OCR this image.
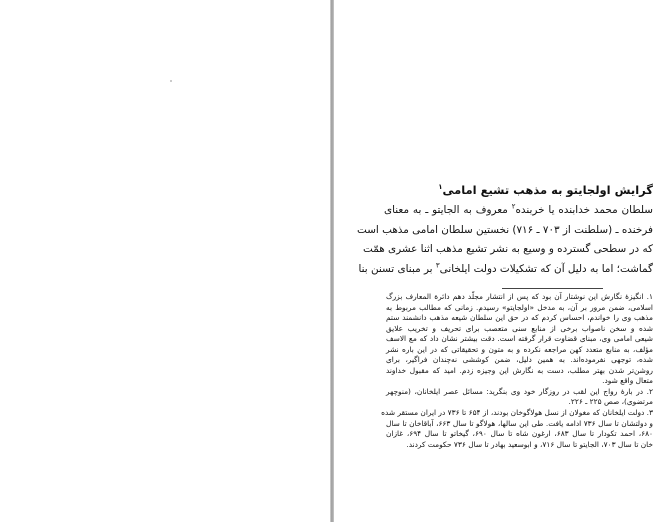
گرایش اولجایتو به مذهب تشیع امامی$^۱$
سلطان محمد خدابنده یا خربنده$^۲$ معروف به الجایتو ـ به معنای
فرخنده ـ (سلطنت از ۷۰۳ ـ ۷۱۶) نخستین سلطان امامی مذهب است
که در سطحی گسترده و وسیع به نشر تشیع مذهب اثنا عشری همّت
گماشت؛ اما به دلیل آن که تشکیلات دولت ایلخانی$^۳$ بر مبنای تسنن بنا
۱. انگیزهٔ نگارش این نوشتار آن بود که پس از انتشار مجلّد دهم دائرة المعارف بزرگ
اسلامی، ضمن مرور بر آن، به مدخل «اولجایتو» رسیدم. زمانی که مطالب مربوط به
مذهب وی را خواندم، احساس کردم که در حق این سلطان شیعه مذهب دانشمند ستم
شده و سخن ناصواب برخی از منابع سنی متعصب برای تحریف و تخریب علایق
شیعی امامی وی، مبنای قضاوت قرار گرفته است. دقت بیشتر نشان داد که مع الاسف
مؤلف، به منابع متعدد کهن مراجعه نکرده و به متون و تحقیقاتی که در این باره نشر
شده، توجهی نفرموده‌اند. به همین دلیل، ضمن کوششی نه‌چندان فراگیر، برای
روشن‌تر شدن بهتر مطلب، دست به نگارش این وجیزه زدم. امید که مقبول خداوند
متعال واقع شود.
۲. در بارهٔ رواج این لقب در روزگار خود وی بنگرید: مسائل عصر ایلخانان، (منوچهر
مرتضوی)، صص ۲۲۵ ـ ۲۲۶.
۳. دولت ایلخانان که مغولان از نسل هولاگوخان بودند، از ۶۵۴ تا ۷۳۶ در ایران مستقر شده
و دولتشان تا سال ۷۳۶ ادامه یافت. طی این سالها، هولاگو تا سال ۶۶۳، آباقاخان تا سال
۶۸۰، احمد تکودار تا سال ۶۸۳، ارغون شاه تا سال ۶۹۰، گیخاتو تا سال ۶۹۴، غازان
خان تا سال ۷۰۳، الجایتو تا سال ۷۱۶، و ابوسعید بهادر تا سال ۷۳۶ حکومت کردند.
